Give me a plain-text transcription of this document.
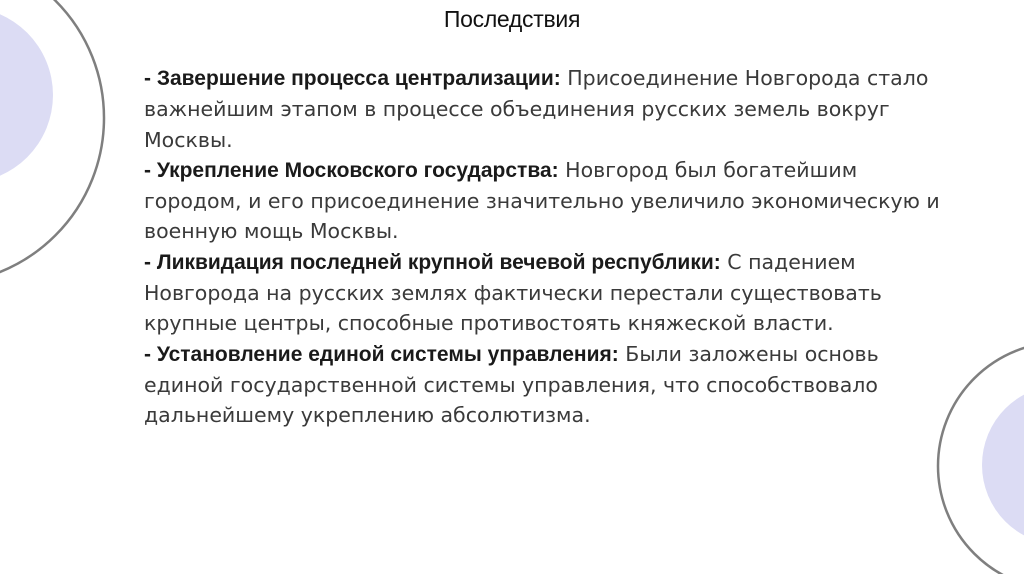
Последствия

- Завершение процесса централизации: Присоединение Новгорода стало важнейшим этапом в процессе объединения русских земель вокруг Москвы.

- Укрепление Московского государства: Новгород был богатейшим городом, и его присоединение значительно увеличило экономическую и военную мощь Москвы.

- Ликвидация последней крупной вечевой республики: С падением Новгорода на русских землях фактически перестали существовать крупные центры, способные противостоять княжеской власти.

- Установление единой системы управления: Были заложены основь единой государственной системы управления, что способствовало дальнейшему укреплению абсолютизма.
